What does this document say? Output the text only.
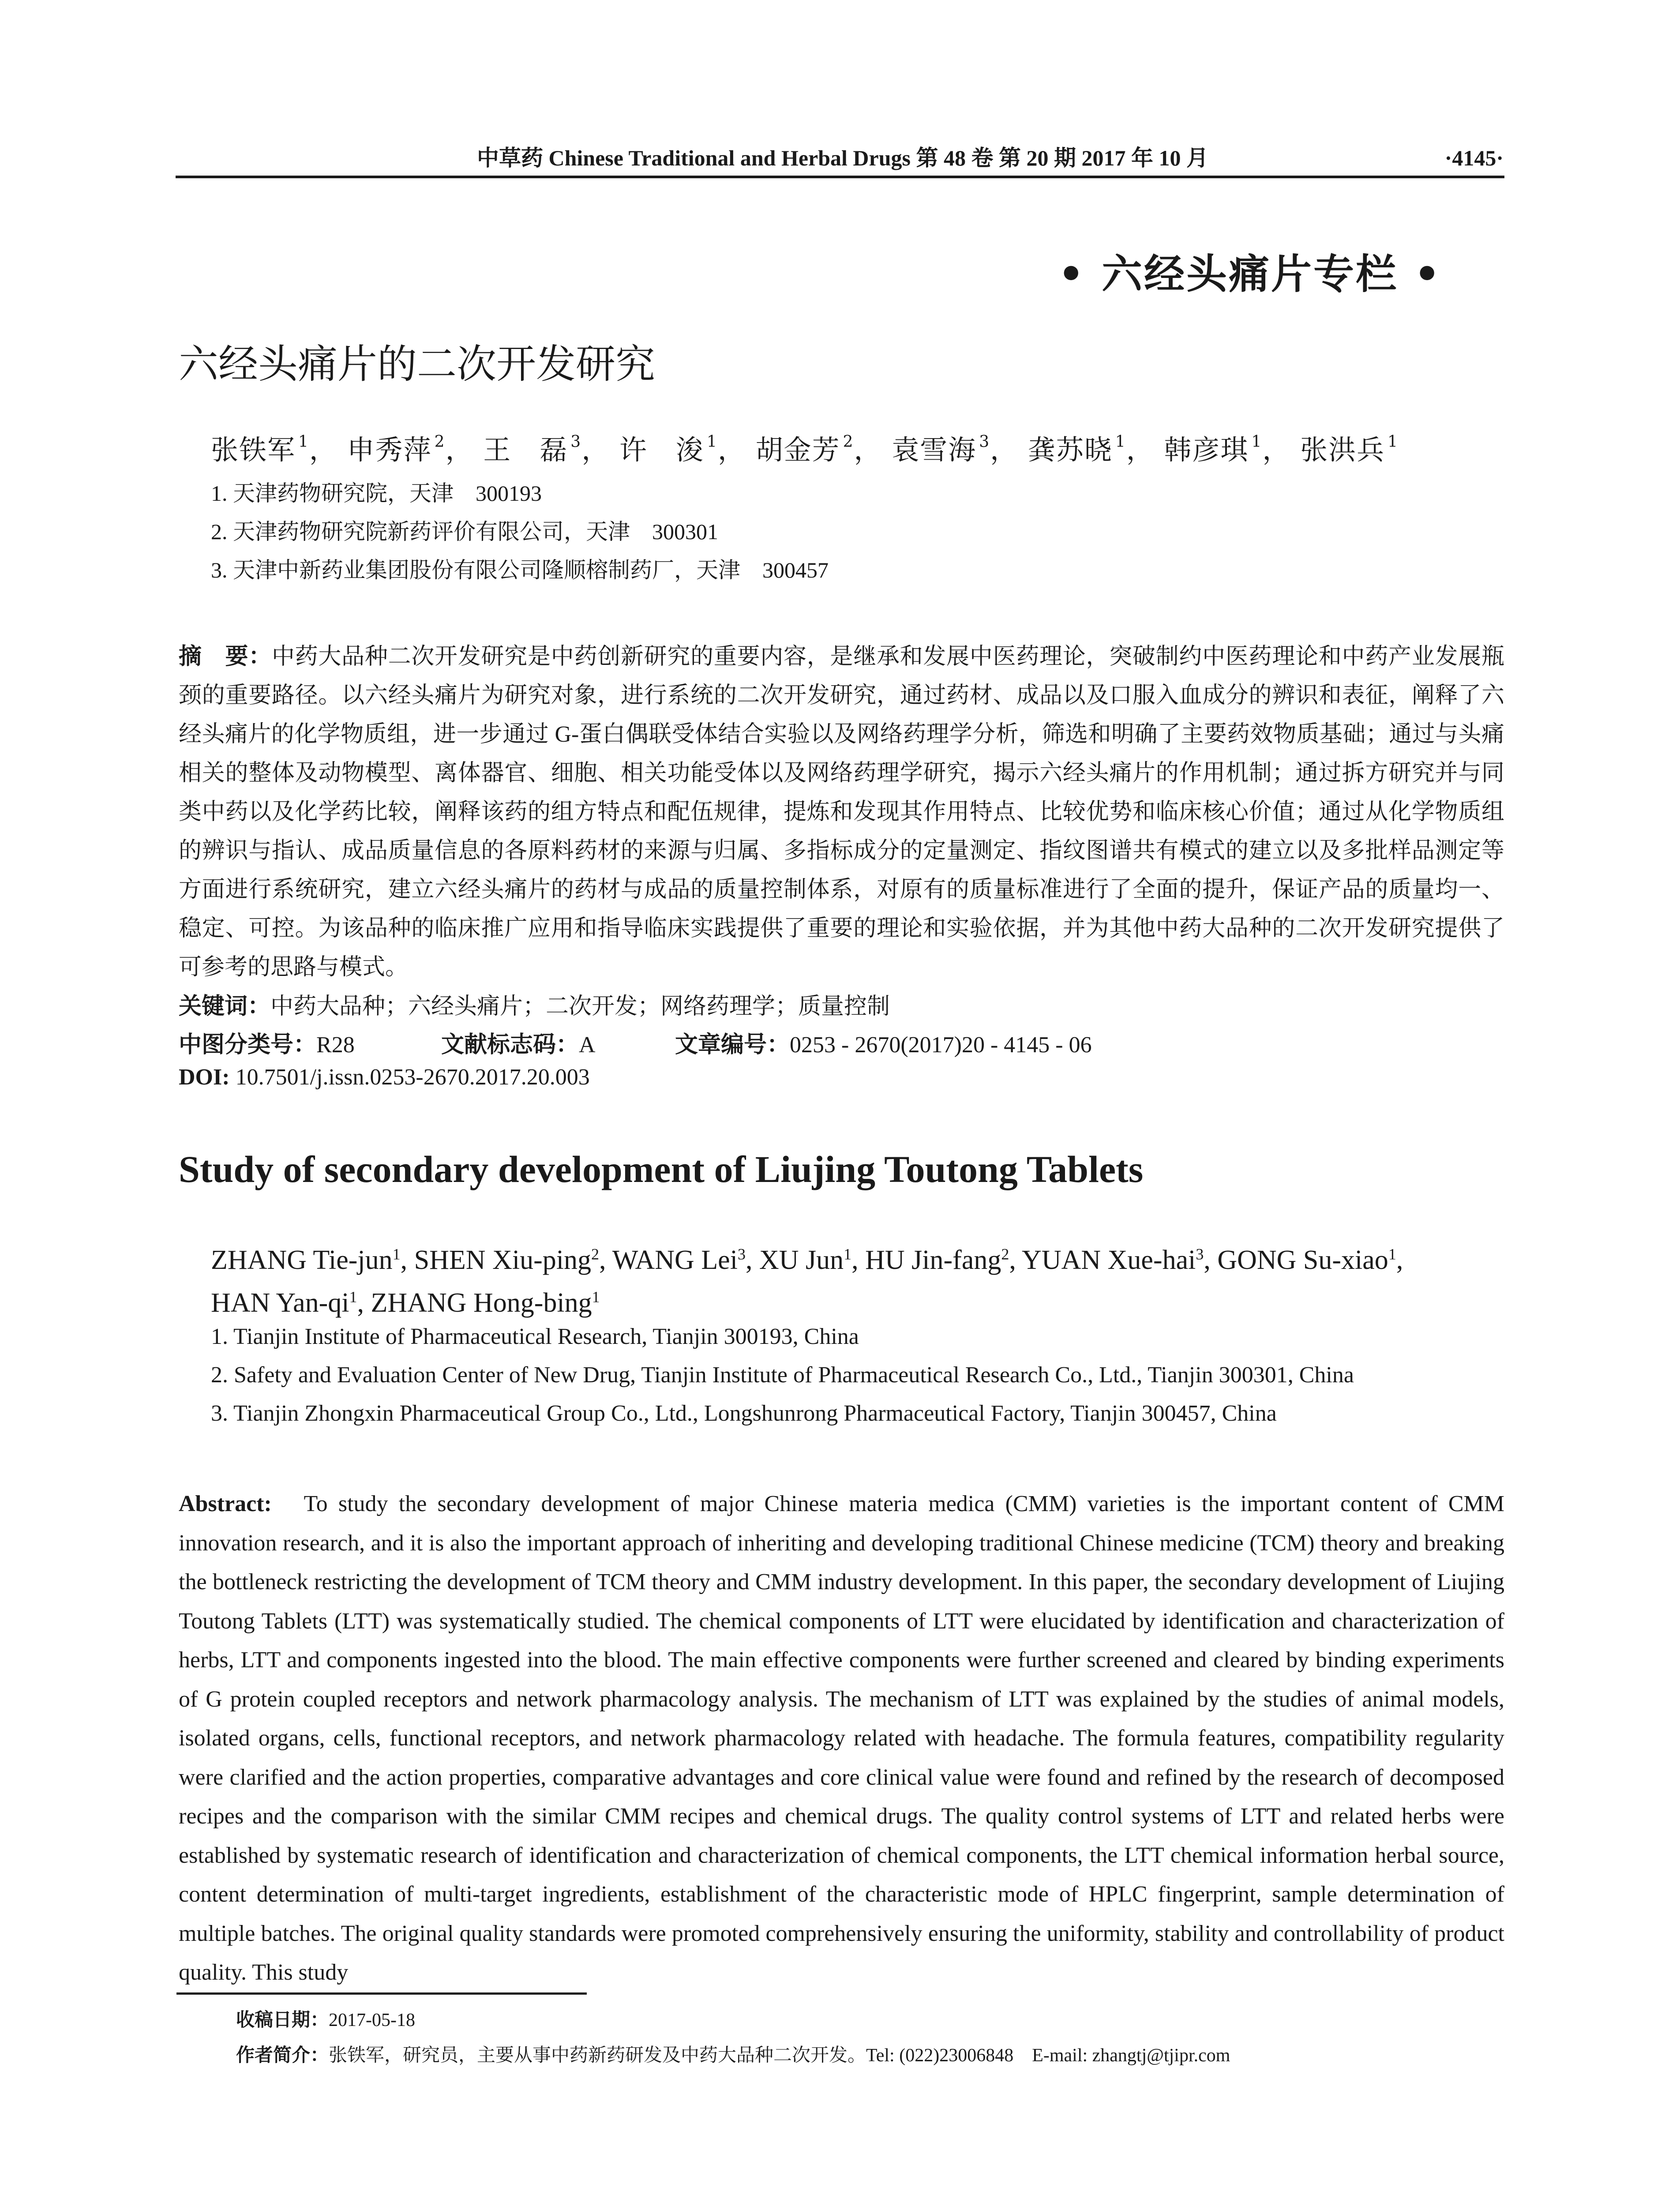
中草药 Chinese Traditional and Herbal Drugs 第 48 卷 第 20 期 2017 年 10 月	·4145·
• 六经头痛片专栏 •
六经头痛片的二次开发研究
张铁军 $^1$， 申秀萍 $^2$， 王　磊 $^3$， 许　浚 $^1$， 胡金芳 $^2$， 袁雪海 $^3$， 龚苏晓 $^1$， 韩彦琪 $^1$， 张洪兵 $^1$
1. 天津药物研究院，天津　300193
2. 天津药物研究院新药评价有限公司，天津　300301
3. 天津中新药业集团股份有限公司隆顺榕制药厂，天津　300457
摘　要：中药大品种二次开发研究是中药创新研究的重要内容，是继承和发展中医药理论，突破制约中医药理论和中药产业发展瓶颈的重要路径。以六经头痛片为研究对象，进行系统的二次开发研究，通过药材、成品以及口服入血成分的辨识和表征，阐释了六经头痛片的化学物质组，进一步通过 G-蛋白偶联受体结合实验以及网络药理学分析，筛选和明确了主要药效物质基础；通过与头痛相关的整体及动物模型、离体器官、细胞、相关功能受体以及网络药理学研究，揭示六经头痛片的作用机制；通过拆方研究并与同类中药以及化学药比较，阐释该药的组方特点和配伍规律，提炼和发现其作用特点、比较优势和临床核心价值；通过从化学物质组的辨识与指认、成品质量信息的各原料药材的来源与归属、多指标成分的定量测定、指纹图谱共有模式的建立以及多批样品测定等方面进行系统研究，建立六经头痛片的药材与成品的质量控制体系，对原有的质量标准进行了全面的提升，保证产品的质量均一、稳定、可控。为该品种的临床推广应用和指导临床实践提供了重要的理论和实验依据，并为其他中药大品种的二次开发研究提供了可参考的思路与模式。
关键词：中药大品种；六经头痛片；二次开发；网络药理学；质量控制
中图分类号：R28	文献标志码：A	文章编号：0253 - 2670(2017)20 - 4145 - 06
DOI: 10.7501/j.issn.0253-2670.2017.20.003
Study of secondary development of Liujing Toutong Tablets
ZHANG Tie-jun$^1$, SHEN Xiu-ping$^2$, WANG Lei$^3$, XU Jun$^1$, HU Jin-fang$^2$, YUAN Xue-hai$^3$, GONG Su-xiao$^1$,
HAN Yan-$qi^1$, ZHANG Hong-bing$^1$
1. Tianjin Institute of Pharmaceutical Research, Tianjin 300193, China
2. Safety and Evaluation Center of New Drug, Tianjin Institute of Pharmaceutical Research Co., Ltd., Tianjin 300301, China
3. Tianjin Zhongxin Pharmaceutical Group Co., Ltd., Longshunrong Pharmaceutical Factory, Tianjin 300457, China
Abstract: To study the secondary development of major Chinese materia medica (CMM) varieties is the important content of CMM innovation research, and it is also the important approach of inheriting and developing traditional Chinese medicine (TCM) theory and breaking the bottleneck restricting the development of TCM theory and CMM industry development. In this paper, the secondary development of Liujing Toutong Tablets (LTT) was systematically studied. The chemical components of LTT were elucidated by identification and characterization of herbs, LTT and components ingested into the blood. The main effective components were further screened and cleared by binding experiments of G protein coupled receptors and network pharmacology analysis. The mechanism of LTT was explained by the studies of animal models, isolated organs, cells, functional receptors, and network pharmacology related with headache. The formula features, compatibility regularity were clarified and the action properties, comparative advantages and core clinical value were found and refined by the research of decomposed recipes and the comparison with the similar CMM recipes and chemical drugs. The quality control systems of LTT and related herbs were established by systematic research of identification and characterization of chemical components, the LTT chemical information herbal source, content determination of multi-target ingredients, establishment of the characteristic mode of HPLC fingerprint, sample determination of multiple batches. The original quality standards were promoted comprehensively ensuring the uniformity, stability and controllability of product quality. This study
收稿日期：2017-05-18
作者简介：张铁军，研究员，主要从事中药新药研发及中药大品种二次开发。Tel: (022)23006848　E-mail: zhangtj@tjipr.com
